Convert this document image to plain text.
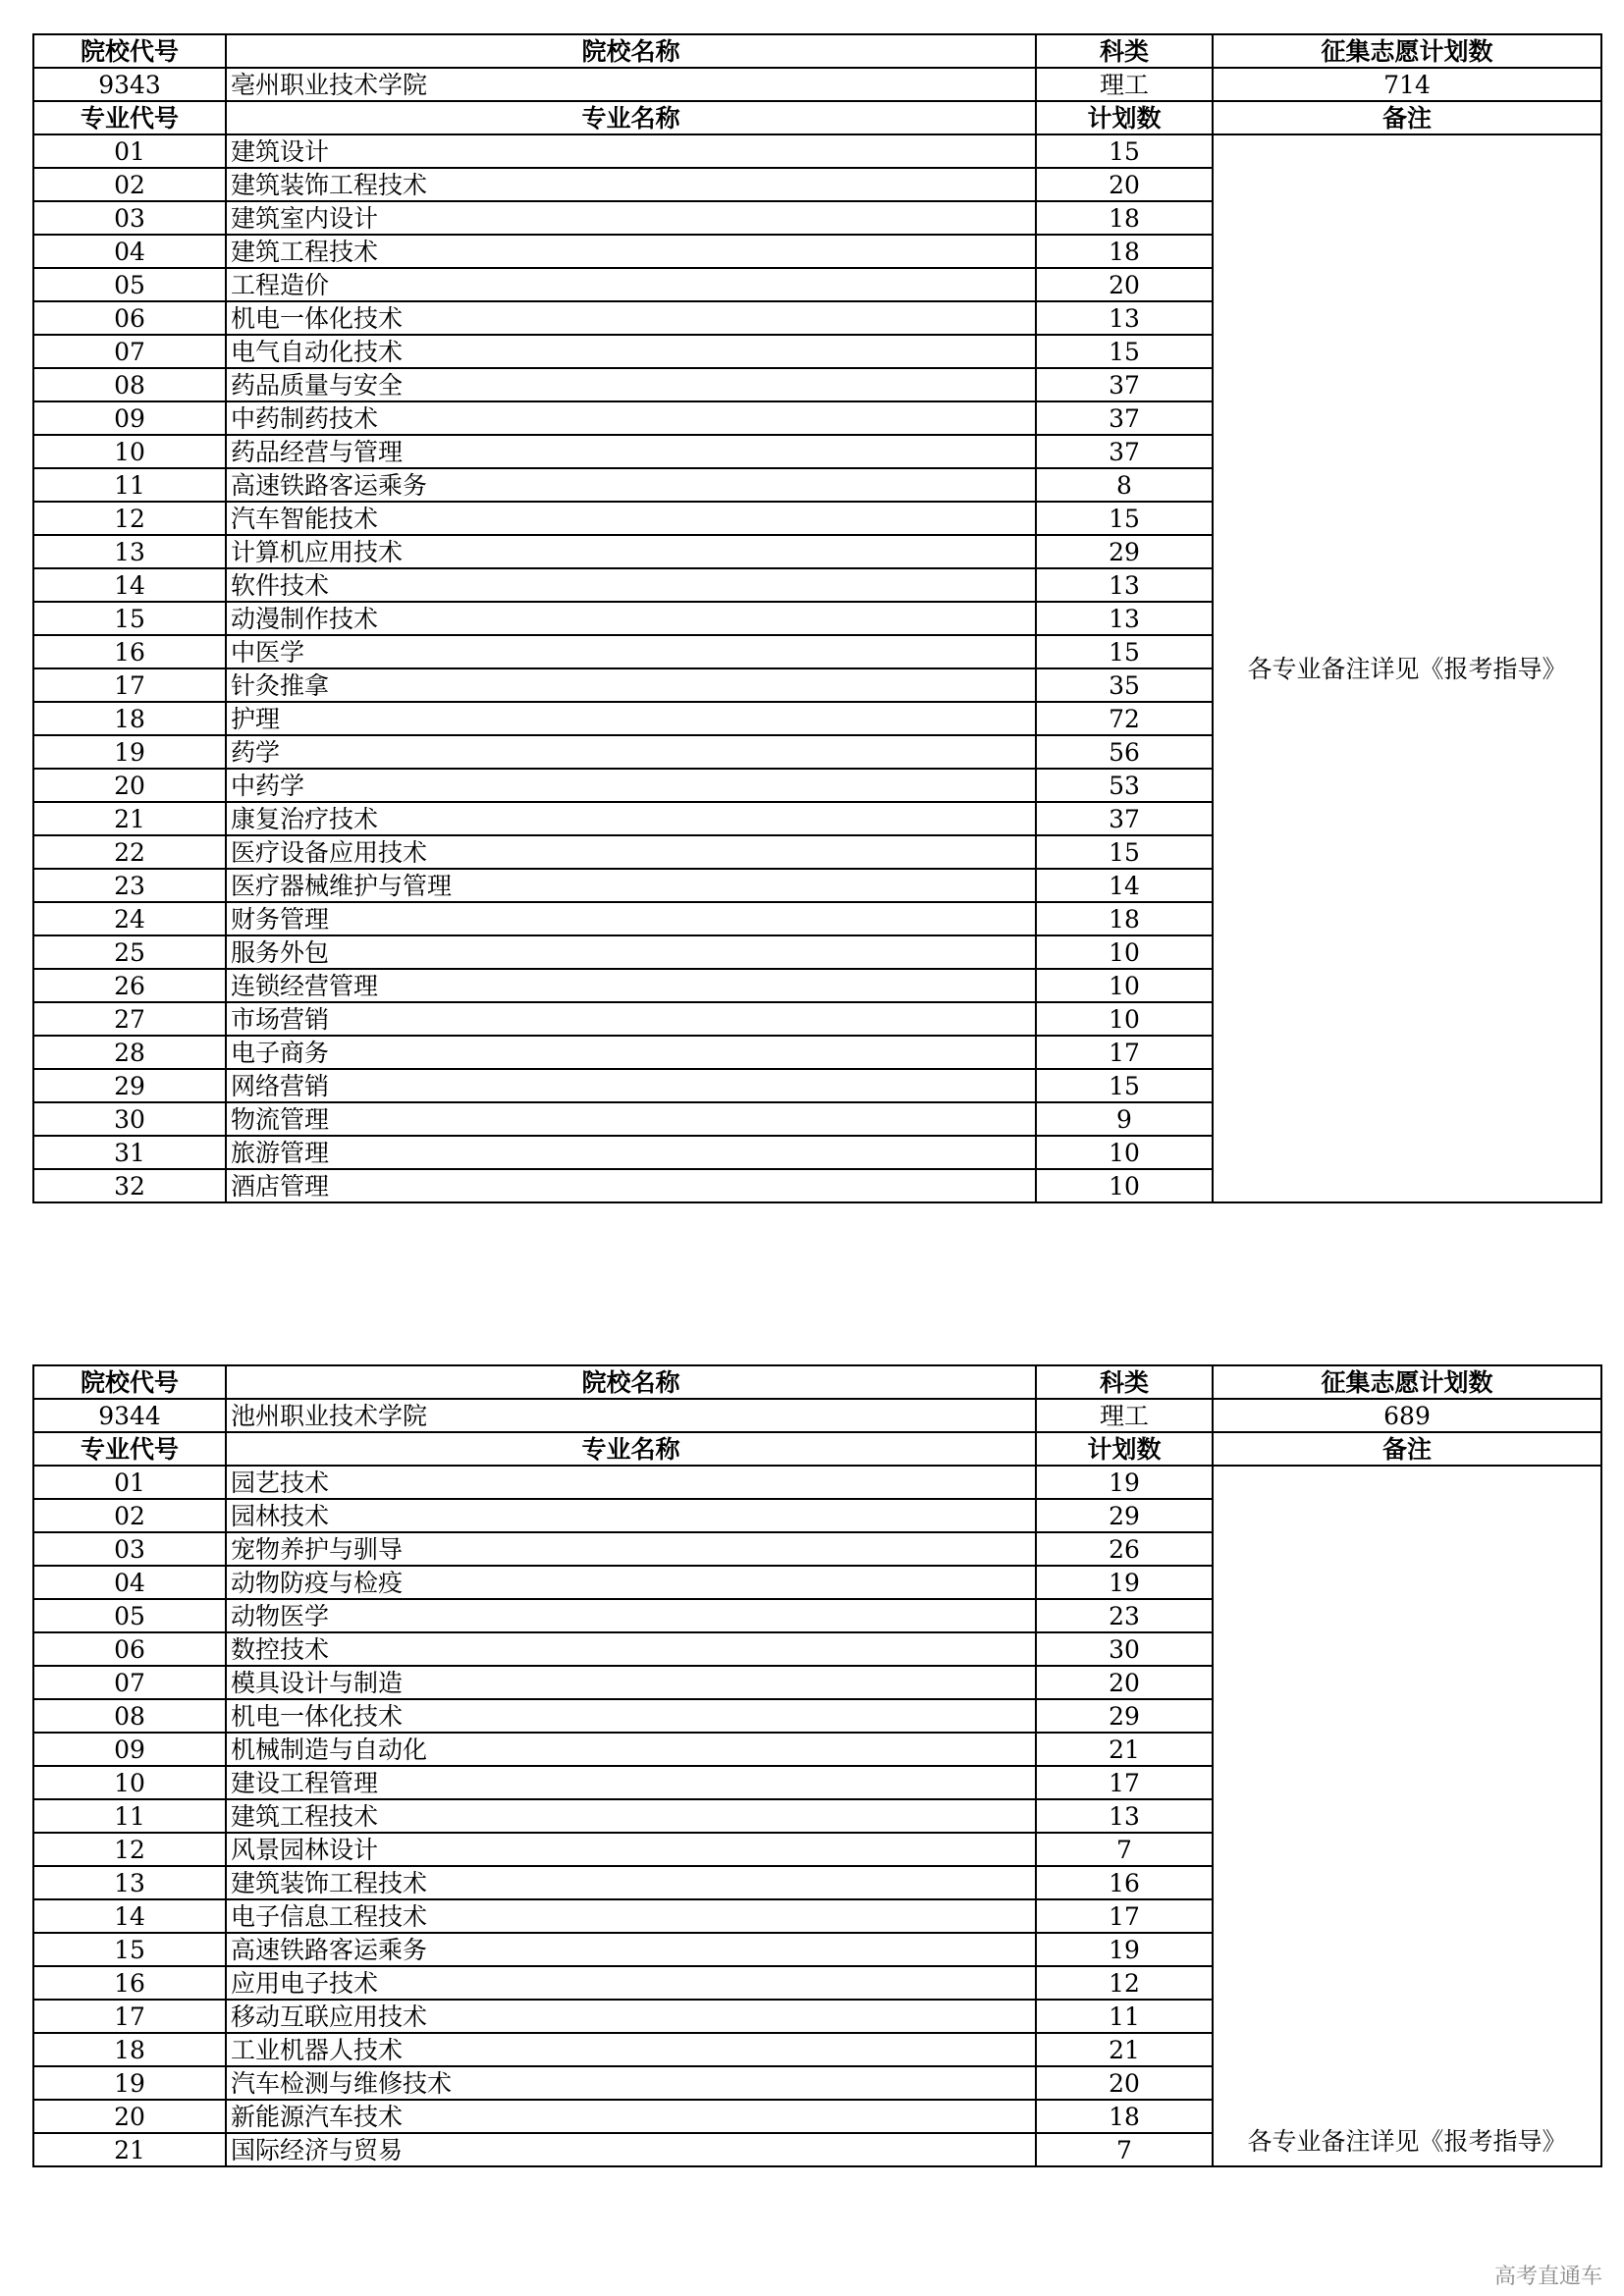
院校代号	院校名称	科类	征集志愿计划数
9343	亳州职业技术学院	理工	714
专业代号	专业名称	计划数	备注
01	建筑设计	15	各专业备注详见《报考指导》
02	建筑装饰工程技术	20	
03	建筑室内设计	18	
04	建筑工程技术	18	
05	工程造价	20	
06	机电一体化技术	13	
07	电气自动化技术	15	
08	药品质量与安全	37	
09	中药制药技术	37	
10	药品经营与管理	37	
11	高速铁路客运乘务	8	
12	汽车智能技术	15	
13	计算机应用技术	29	
14	软件技术	13	
15	动漫制作技术	13	
16	中医学	15	
17	针灸推拿	35	
18	护理	72	
19	药学	56	
20	中药学	53	
21	康复治疗技术	37	
22	医疗设备应用技术	15	
23	医疗器械维护与管理	14	
24	财务管理	18	
25	服务外包	10	
26	连锁经营管理	10	
27	市场营销	10	
28	电子商务	17	
29	网络营销	15	
30	物流管理	9	
31	旅游管理	10	
32	酒店管理	10	
院校代号	院校名称	科类	征集志愿计划数
9344	池州职业技术学院	理工	689
专业代号	专业名称	计划数	备注
01	园艺技术	19	各专业备注详见《报考指导》
02	园林技术	29	
03	宠物养护与驯导	26	
04	动物防疫与检疫	19	
05	动物医学	23	
06	数控技术	30	
07	模具设计与制造	20	
08	机电一体化技术	29	
09	机械制造与自动化	21	
10	建设工程管理	17	
11	建筑工程技术	13	
12	风景园林设计	7	
13	建筑装饰工程技术	16	
14	电子信息工程技术	17	
15	高速铁路客运乘务	19	
16	应用电子技术	12	
17	移动互联应用技术	11	
18	工业机器人技术	21	
19	汽车检测与维修技术	20	
20	新能源汽车技术	18	
21	国际经济与贸易	7	
高考直通车
